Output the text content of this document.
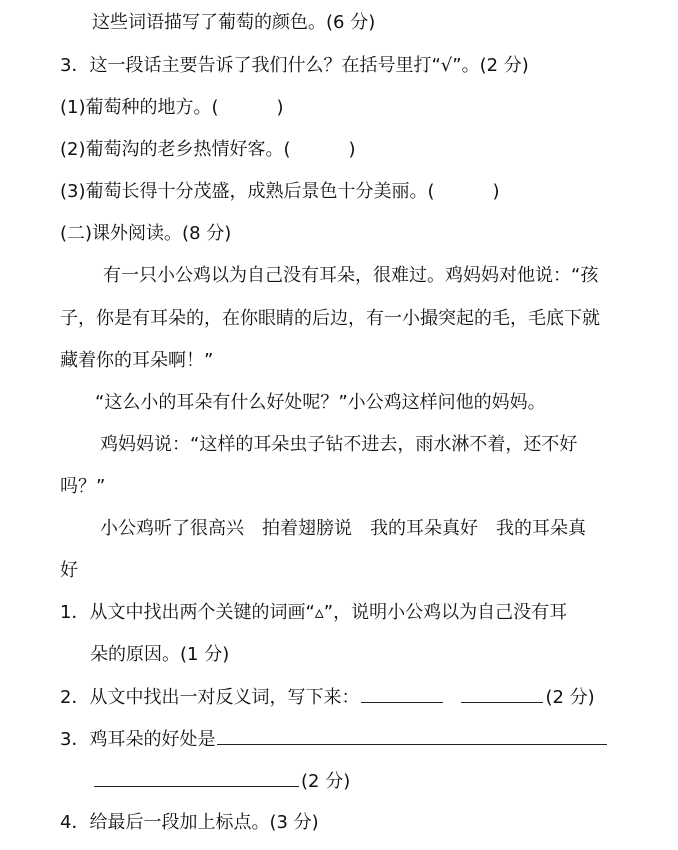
这些词语描写了葡萄的颜色。(6 分)
3．这一段话主要告诉了我们什么？在括号里打“√”。(2 分)
(1)葡萄种的地方。(	)
(2)葡萄沟的老乡热情好客。(	)
(3)葡萄长得十分茂盛，成熟后景色十分美丽。(	)
(二)课外阅读。(8 分)
有一只小公鸡以为自己没有耳朵，很难过。鸡妈妈对他说：“孩
子，你是有耳朵的，在你眼睛的后边，有一小撮突起的毛，毛底下就
藏着你的耳朵啊！”
“这么小的耳朵有什么好处呢？”小公鸡这样问他的妈妈。
鸡妈妈说：“这样的耳朵虫子钻不进去，雨水淋不着，还不好
吗？”
小公鸡听了很高兴　拍着翅膀说　我的耳朵真好　我的耳朵真
好
1．从文中找出两个关键的词画“▵”，说明小公鸡以为自己没有耳
朵的原因。(1 分)
2．从文中找出一对反义词，写下来：	(2 分)
3．鸡耳朵的好处是
(2 分)
4．给最后一段加上标点。(3 分)
